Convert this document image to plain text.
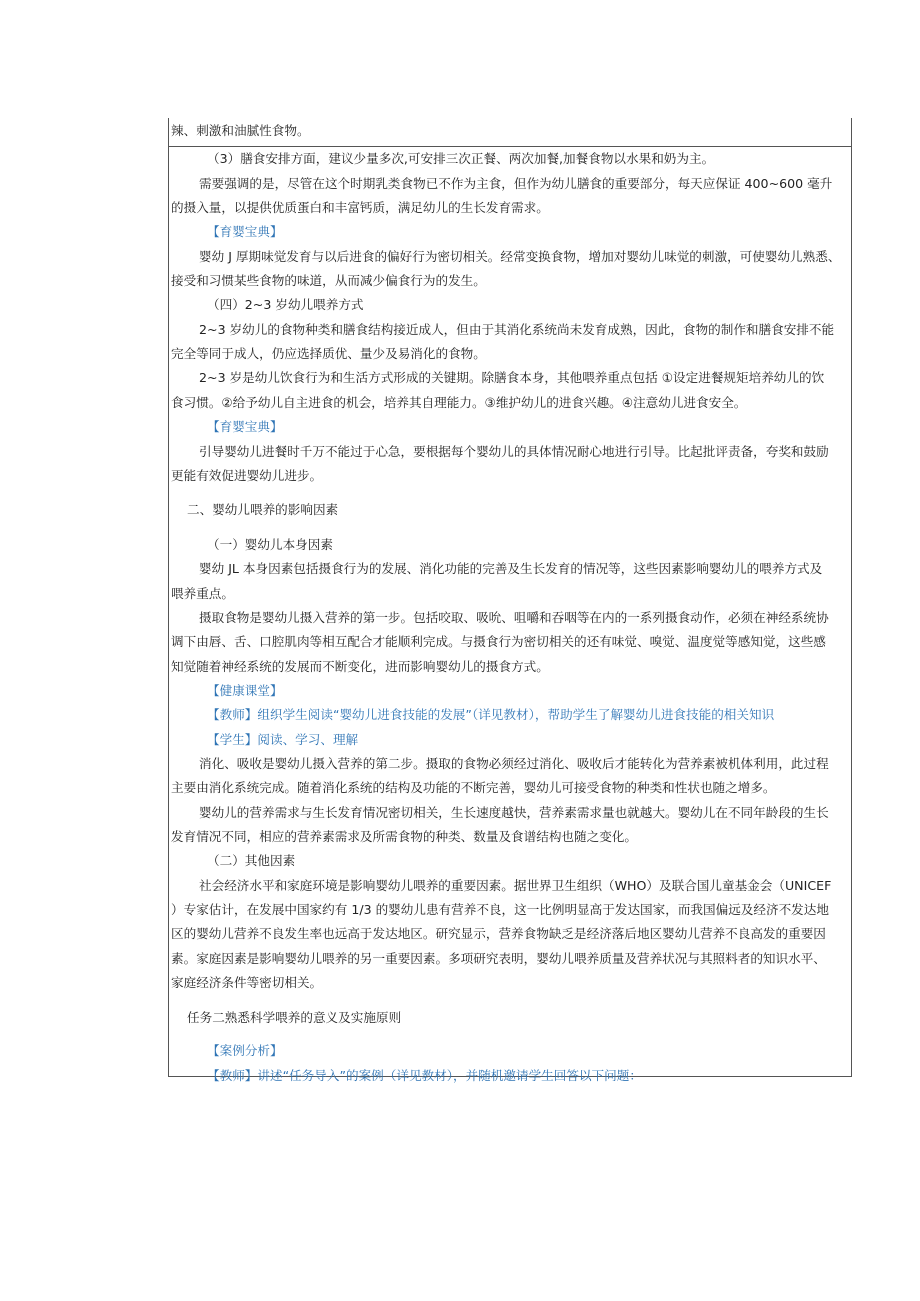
辣、刺激和油腻性食物。
（3）膳食安排方面，建议少量多次,可安排三次正餐、两次加餐,加餐食物以水果和奶为主。
需要强调的是，尽管在这个时期乳类食物已不作为主食，但作为幼儿膳食的重要部分，每天应保证 400~600 毫升
的摄入量，以提供优质蛋白和丰富钙质，满足幼儿的生长发育需求。
【育婴宝典】
婴幼 J 厚期味觉发育与以后进食的偏好行为密切相关。经常变换食物，增加对婴幼儿味觉的刺激，可使婴幼儿熟悉、
接受和习惯某些食物的味道，从而减少偏食行为的发生。
（四）2~3 岁幼儿喂养方式
2~3 岁幼儿的食物种类和膳食结构接近成人，但由于其消化系统尚未发育成熟，因此，食物的制作和膳食安排不能
完全等同于成人，仍应选择质优、量少及易消化的食物。
2~3 岁是幼儿饮食行为和生活方式形成的关键期。除膳食本身，其他喂养重点包括 ①设定进餐规矩培养幼儿的饮
食习惯。②给予幼儿自主进食的机会，培养其自理能力。③维护幼儿的进食兴趣。④注意幼儿进食安全。
【育婴宝典】
引导婴幼儿进餐时千万不能过于心急，要根据每个婴幼儿的具体情况耐心地进行引导。比起批评责备，夸奖和鼓励
更能有效促进婴幼儿进步。
二、婴幼儿喂养的影响因素
（一）婴幼儿本身因素
婴幼 JL 本身因素包括摄食行为的发展、消化功能的完善及生长发育的情况等，这些因素影响婴幼儿的喂养方式及
喂养重点。
摄取食物是婴幼儿摄入营养的第一步。包括咬取、吸吮、咀嚼和吞咽等在内的一系列摄食动作，必须在神经系统协
调下由唇、舌、口腔肌肉等相互配合才能顺利完成。与摄食行为密切相关的还有味觉、嗅觉、温度觉等感知觉，这些感
知觉随着神经系统的发展而不断变化，进而影响婴幼儿的摄食方式。
【健康课堂】
【教师】组织学生阅读“婴幼儿进食技能的发展”（详见教材），帮助学生了解婴幼儿进食技能的相关知识
【学生】阅读、学习、理解
消化、吸收是婴幼儿摄入营养的第二步。摄取的食物必须经过消化、吸收后才能转化为营养素被机体利用，此过程
主要由消化系统完成。随着消化系统的结构及功能的不断完善，婴幼儿可接受食物的种类和性状也随之增多。
婴幼儿的营养需求与生长发育情况密切相关，生长速度越快，营养素需求量也就越大。婴幼儿在不同年龄段的生长
发育情况不同，相应的营养素需求及所需食物的种类、数量及食谱结构也随之变化。
（二）其他因素
社会经济水平和家庭环境是影响婴幼儿喂养的重要因素。据世界卫生组织（WHO）及联合国儿童基金会（UNICEF
）专家估计，在发展中国家约有 1/3 的婴幼儿患有营养不良，这一比例明显高于发达国家，而我国偏远及经济不发达地
区的婴幼儿营养不良发生率也远高于发达地区。研究显示，营养食物缺乏是经济落后地区婴幼儿营养不良高发的重要因
素。家庭因素是影响婴幼儿喂养的另一重要因素。多项研究表明，婴幼儿喂养质量及营养状况与其照料者的知识水平、
家庭经济条件等密切相关。
任务二熟悉科学喂养的意义及实施原则
【案例分析】
【教师】讲述“任务导入”的案例（详见教材），并随机邀请学生回答以下问题：
